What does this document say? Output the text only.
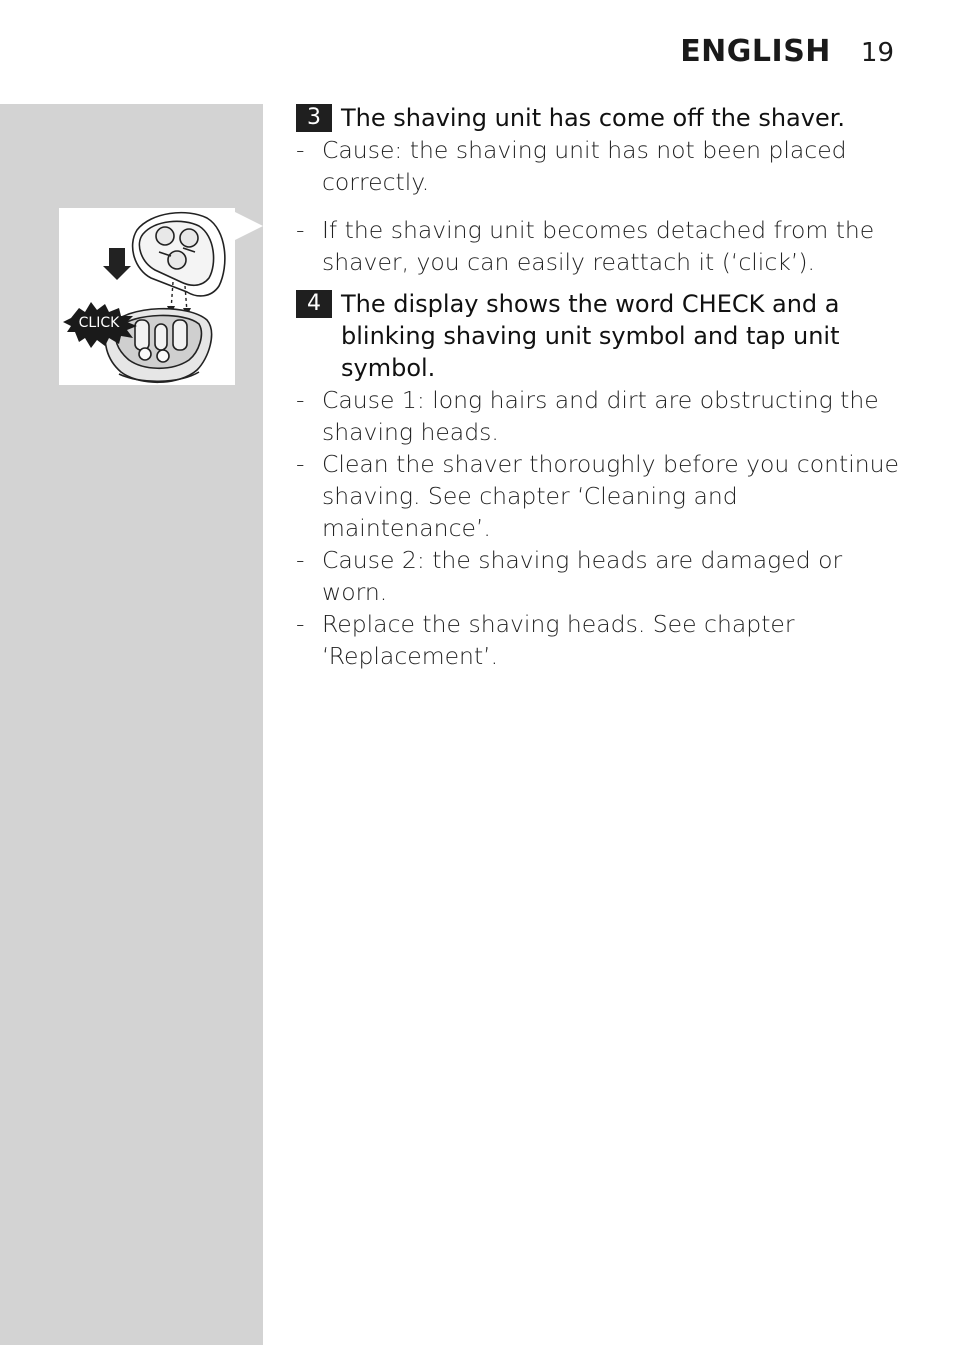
ENGLISH 19
CLICK
3 The shaving unit has come off the shaver.
- Cause: the shaving unit has not been placed correctly.
- If the shaving unit becomes detached from the shaver, you can easily reattach it (‘click’).
4 The display shows the word CHECK and a blinking shaving unit symbol and tap unit symbol.
- Cause 1: long hairs and dirt are obstructing the shaving heads.
- Clean the shaver thoroughly before you continue shaving. See chapter ‘Cleaning and maintenance’.
- Cause 2: the shaving heads are damaged or worn.
- Replace the shaving heads. See chapter ‘Replacement’.
